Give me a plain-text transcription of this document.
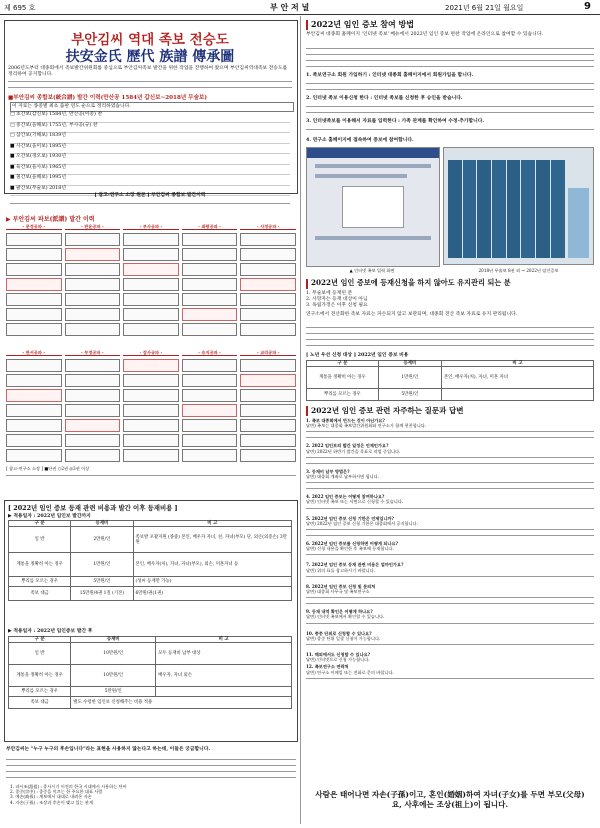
제 695 호	부 안 저 널	2021년 6월 21일 월요일	9
부안김씨 역대 족보 전승도
扶安金氏 歷代 族譜 傳承圖
2006년도부터 대종회에서 족보발간위원회를 중심으로 부안김씨족보 발간을 위한 작업을 진행하여 왔으며 부안김씨역대족보 전승도를 정리하여 공지합니다.
■부안김씨 종합보(統合譜) 발간 이력(만산공 1584년 갑신보~2018년 무술보)
이 자료는 종중별 최초 출판 연도 순으로 정리하였습니다.
□ 초간보(갑신보) 1584년, 만산공(이중) 찬
□ 중간보(을해보) 1755년, 부사공(규) 찬
□ 삼간보(기해보) 1839년
■ 사간보(을미보) 1895년
■ 오간보(경오보) 1930년
■ 육간보(을사보) 1965년
■ 칠간보(을해보) 1995년
■ 팔간보(무술보) 2018년
[ 참고-연구소 소장 원본 ] 부안김씨 종합보 발간이력
▶ 부안김씨 파보(派譜) 발간 이력
- 문정공파 -	- 판윤공파 -	- 부사공파 -	- 좌랑공파 -	- 사정공파 -
- 판서공파 -	- 부정공파 -	- 감사공파 -	- 승지공파 -	- 교리공파 -
[ 참고-연구소 소장 ] ■단권 ○2권 ◎3권 이상
[ 2022년 임인 증보 등재 관련 비용과 발간 이후 등재비용 ]
▶ 적용일자 : 2022년 임인보 발간까지
구 분	등재비	비 고
일 반	2만원/인	족보발 포괄지원 (종중) 본인, 배우자 자녀, 친, 자녀(부모) 단, 외손(외증손) 3만원
계통을 정확히 아는 경우	1만원/인	본인, 배우자(처), 자녀, 자녀(부모), 외손, 미혼자녀 등
뿌리를 모르는 경우	5만원/인	(성씨 등재만 가능)
족보 대금	15만원/4권 1질 (기본)	6만원/권(1권)
▶ 적용일자 : 2022년 임인증보 발간 후
구 분	등재비	비 고
일 반	10만원/인	모두 등재비 납부 대상
계통을 정확히 아는 경우	10만원/인	배우자, 자녀 외손
뿌리를 모르는 경우	5만원/인	
족보 대금	별도 수령한 임인보 신청해주는 비용 적용	
부안김씨는 "누구 누구의 후손입니다"라는 표현을 사용하지 않는다고 하는데, 이들은 궁금합니다.
1. 파시조(派祖) : 종사시기 이전의 한국 시대에서 사용하는 단어
2. 종중(宗中) : 종중을 이끄는 한 주요한 대표 사람
3. 예손(裔孫) : 계보에서 대대로 내려온 자손
4. 자손(子孫) : 조상과 후손이 맺고 있는 관계
2022년 임인 증보 참여 방법
부안김씨 대종회 홈페이지 '인터넷 족보' 메뉴에서 2022년 임인 증보 편찬 작업에 온라인으로 참여할 수 있습니다.
1. 족보연구소 회원 가입하기 : 인터넷 대종회 홈페이지에서 회원가입을 합니다.
2. 인터넷 족보 이용신청 한다 : 인터넷 족보를 신청한 후 승인을 받습니다.
3. 인터넷족보를 이용해서 자료를 입력한다 : 가족 관계를 확인하여 수정·추가합니다.
4. 연구소 홈페이지에 접속하여 증보에 참여합니다.
▲ 인터넷 족보 입력 화면	2018년 무술보 8권 외 → 2022년 임인증보
2022년 임인 증보에 등재신청을 하지 않아도 유지관리 되는 분
1. 무술보에 등재된 분
2. 사망자는 등재 대상이 아님
3. 독립가정은 이후 신청 필요
연구소에서 전산화한 족보 자료는 파손되지 않고 보관되며, 대종회 전산 족보 자료로 유지 관리됩니다.
[ 노년 우선 신청 대상 ] 2022년 임인 증보 비용
구 분	등재비	비 고
계통을 정확히 아는 경우	1만원/인	본인, 배우자(처), 자녀, 미혼 자녀
뿌리를 모르는 경우	5만원/인	
2022년 임인 증보 관련 자주하는 질문과 답변
1. 족보 대종회에서 만드는 것이 아닌가요?
답변) 족보는 대종회 족보발간위원회와 연구소가 함께 편찬합니다.
2. 2022 임인보의 발간 일정은 언제인가요?
답변) 2022년 하반기 발간을 목표로 작업 중입니다.
3. 등재비 납부 방법은?
답변) 대종회 계좌로 납부하시면 됩니다.
4. 2022 임인 증보는 어떻게 참여하나요?
답변) 인터넷 족보 또는 서면으로 신청할 수 있습니다.
5. 2022년 임인 증보 신청 기한은 언제입니까?
답변) 2022년 임인 증보 신청 기한은 대종회에서 공지합니다.
6. 2022년 임인 증보를 신청하면 어떻게 되나요?
답변) 신청 내용을 확인한 후 족보에 등재합니다.
7. 2022년 임인 증보 등재 관련 비용은 얼마인가요?
답변) 위의 표를 참고하시기 바랍니다.
8. 2022년 임인 증보 신청 및 문의처
답변) 대종회 사무국 및 족보연구소
9. 등재 내역 확인은 어떻게 하나요?
답변) 인터넷 족보에서 확인할 수 있습니다.
10. 종중 단위로 신청할 수 있나요?
답변) 종중 단위 일괄 신청이 가능합니다.
11. 해외에서도 신청할 수 있나요?
답변) 인터넷으로 신청 가능합니다.
12. 족보연구소 연락처
답변) 연구소 이메일 또는 전화로 문의 바랍니다.
사람은 태어나면 자손(子孫)이고, 혼인(婚姻)하여 자녀(子女)를 두면 부모(父母)요, 사후에는 조상(祖上)이 됩니다.
